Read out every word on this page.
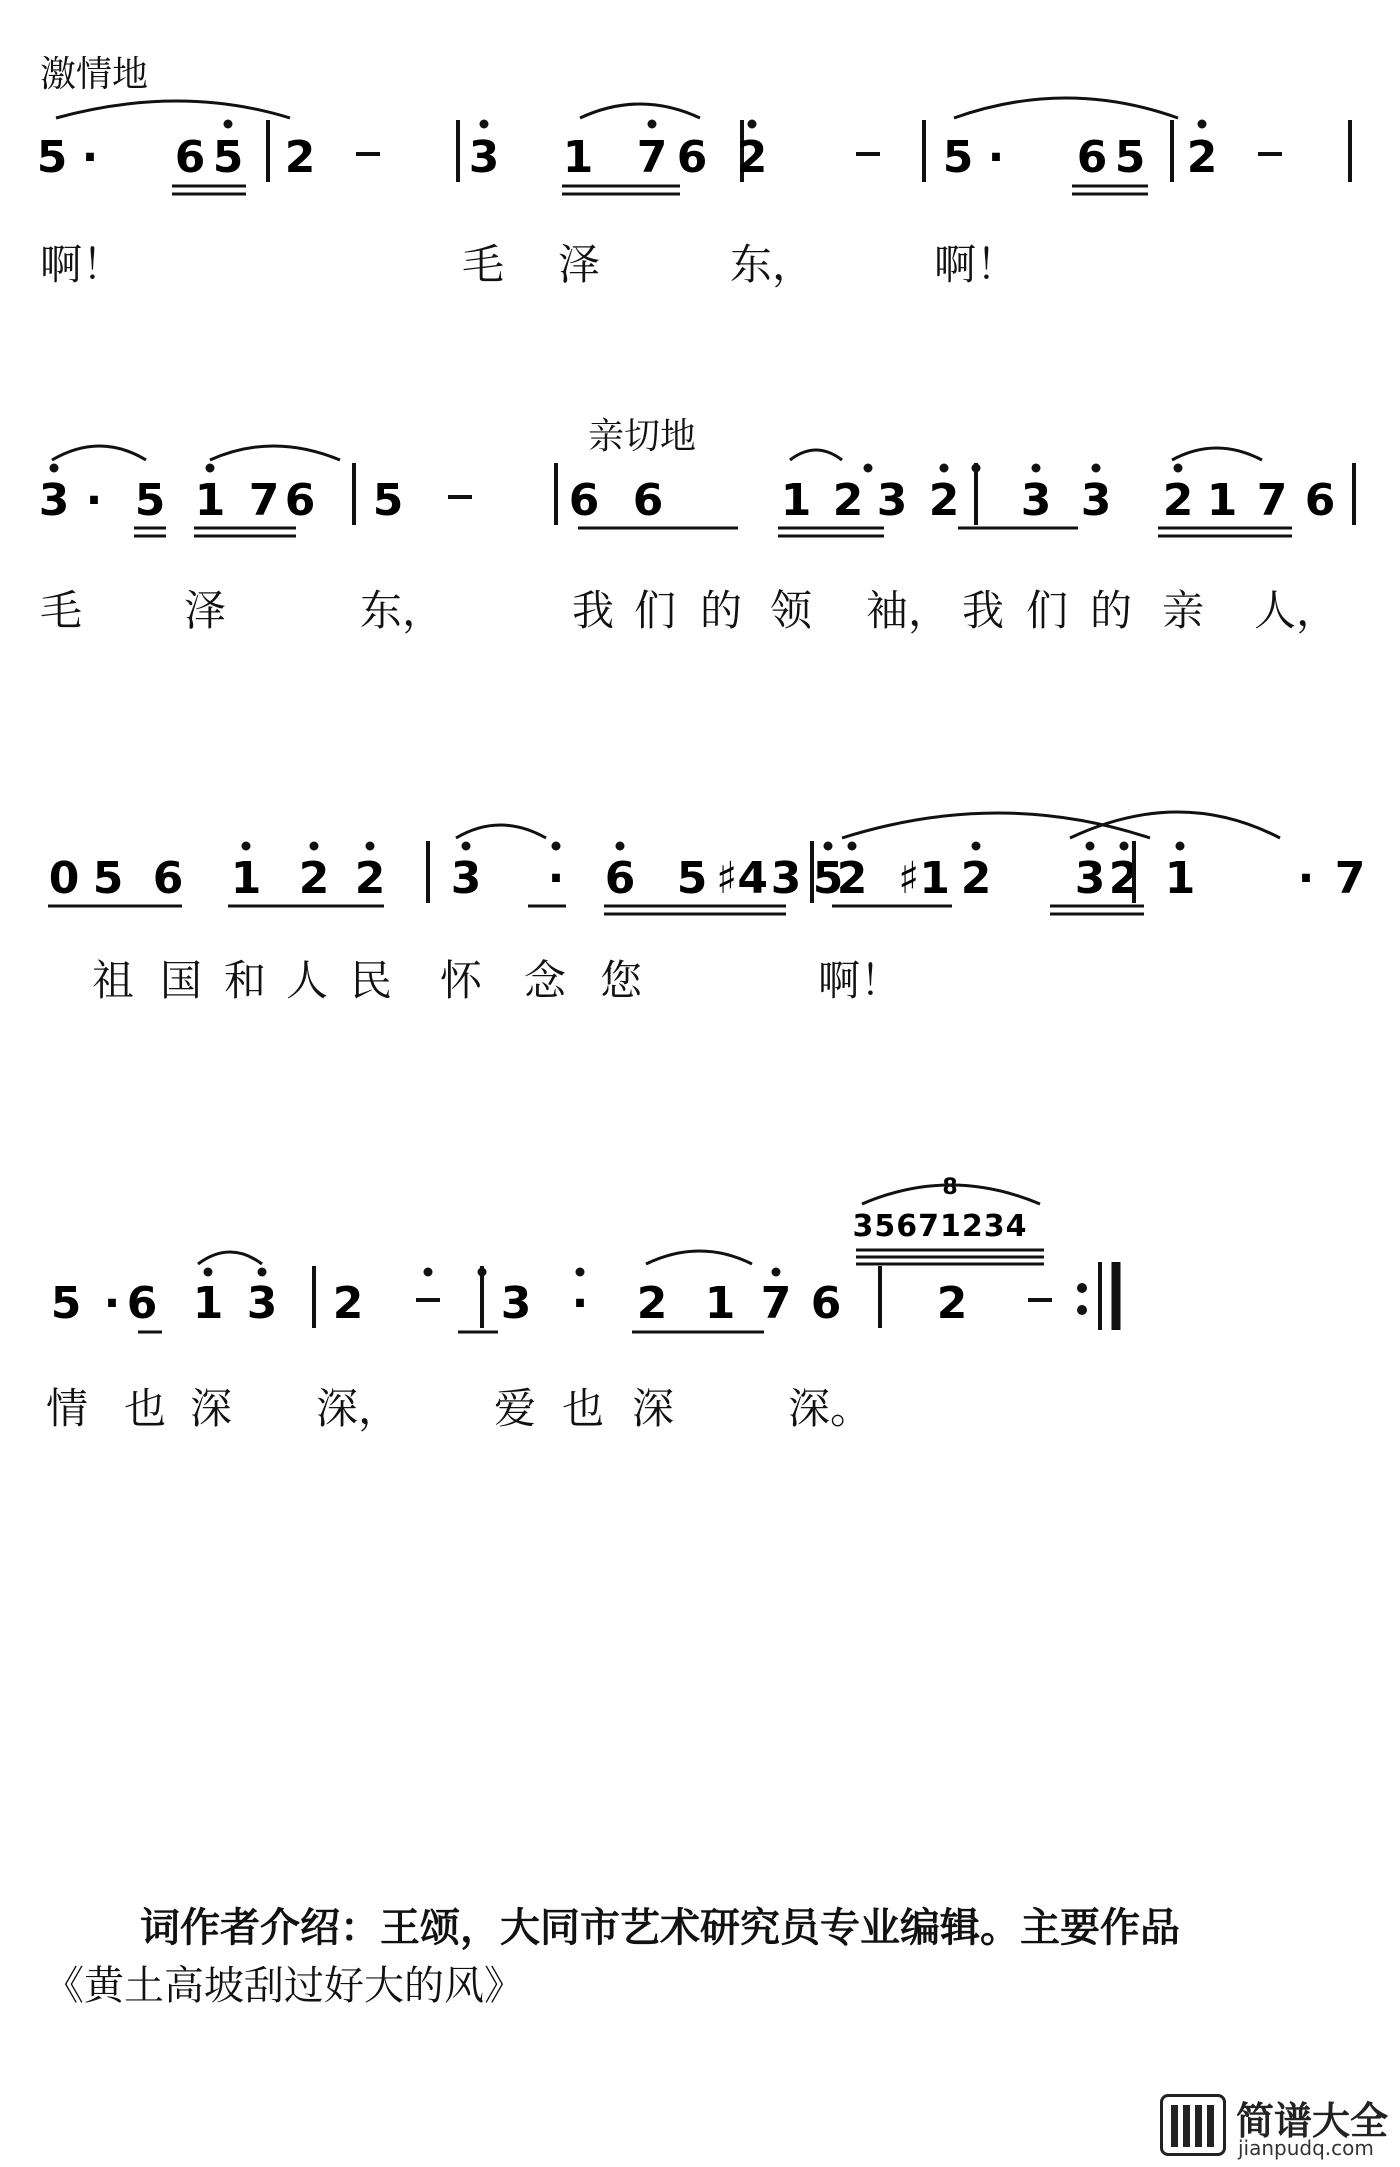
5 · 6 5 2	3 1 7 6 2	5 · 6 5 2
3 · 5 1 7 6 5	6 6	1 2 3 2 3 3 2 1 7 6
0 5 6 1 2 2 3 · 6 5 ♯4 3 5
2 ♯1 2 3 2 1 · 7
5 · 6 1 3 2	3 · 2 1 7 6 2
35671234
8
激情地
亲切地
啊！	毛 泽	东，	啊！
毛 泽	东，	我 们 的 领 袖， 我 们 的 亲 人，
祖 国 和 人 民 怀 念 您	啊！
情 也 深 深， 爱 也 深	深。
词作者介绍：王颂，大同市艺术研究员专业编辑。主要作品
《黄土高坡刮过好大的风》
简谱大全
jianpudq.com
